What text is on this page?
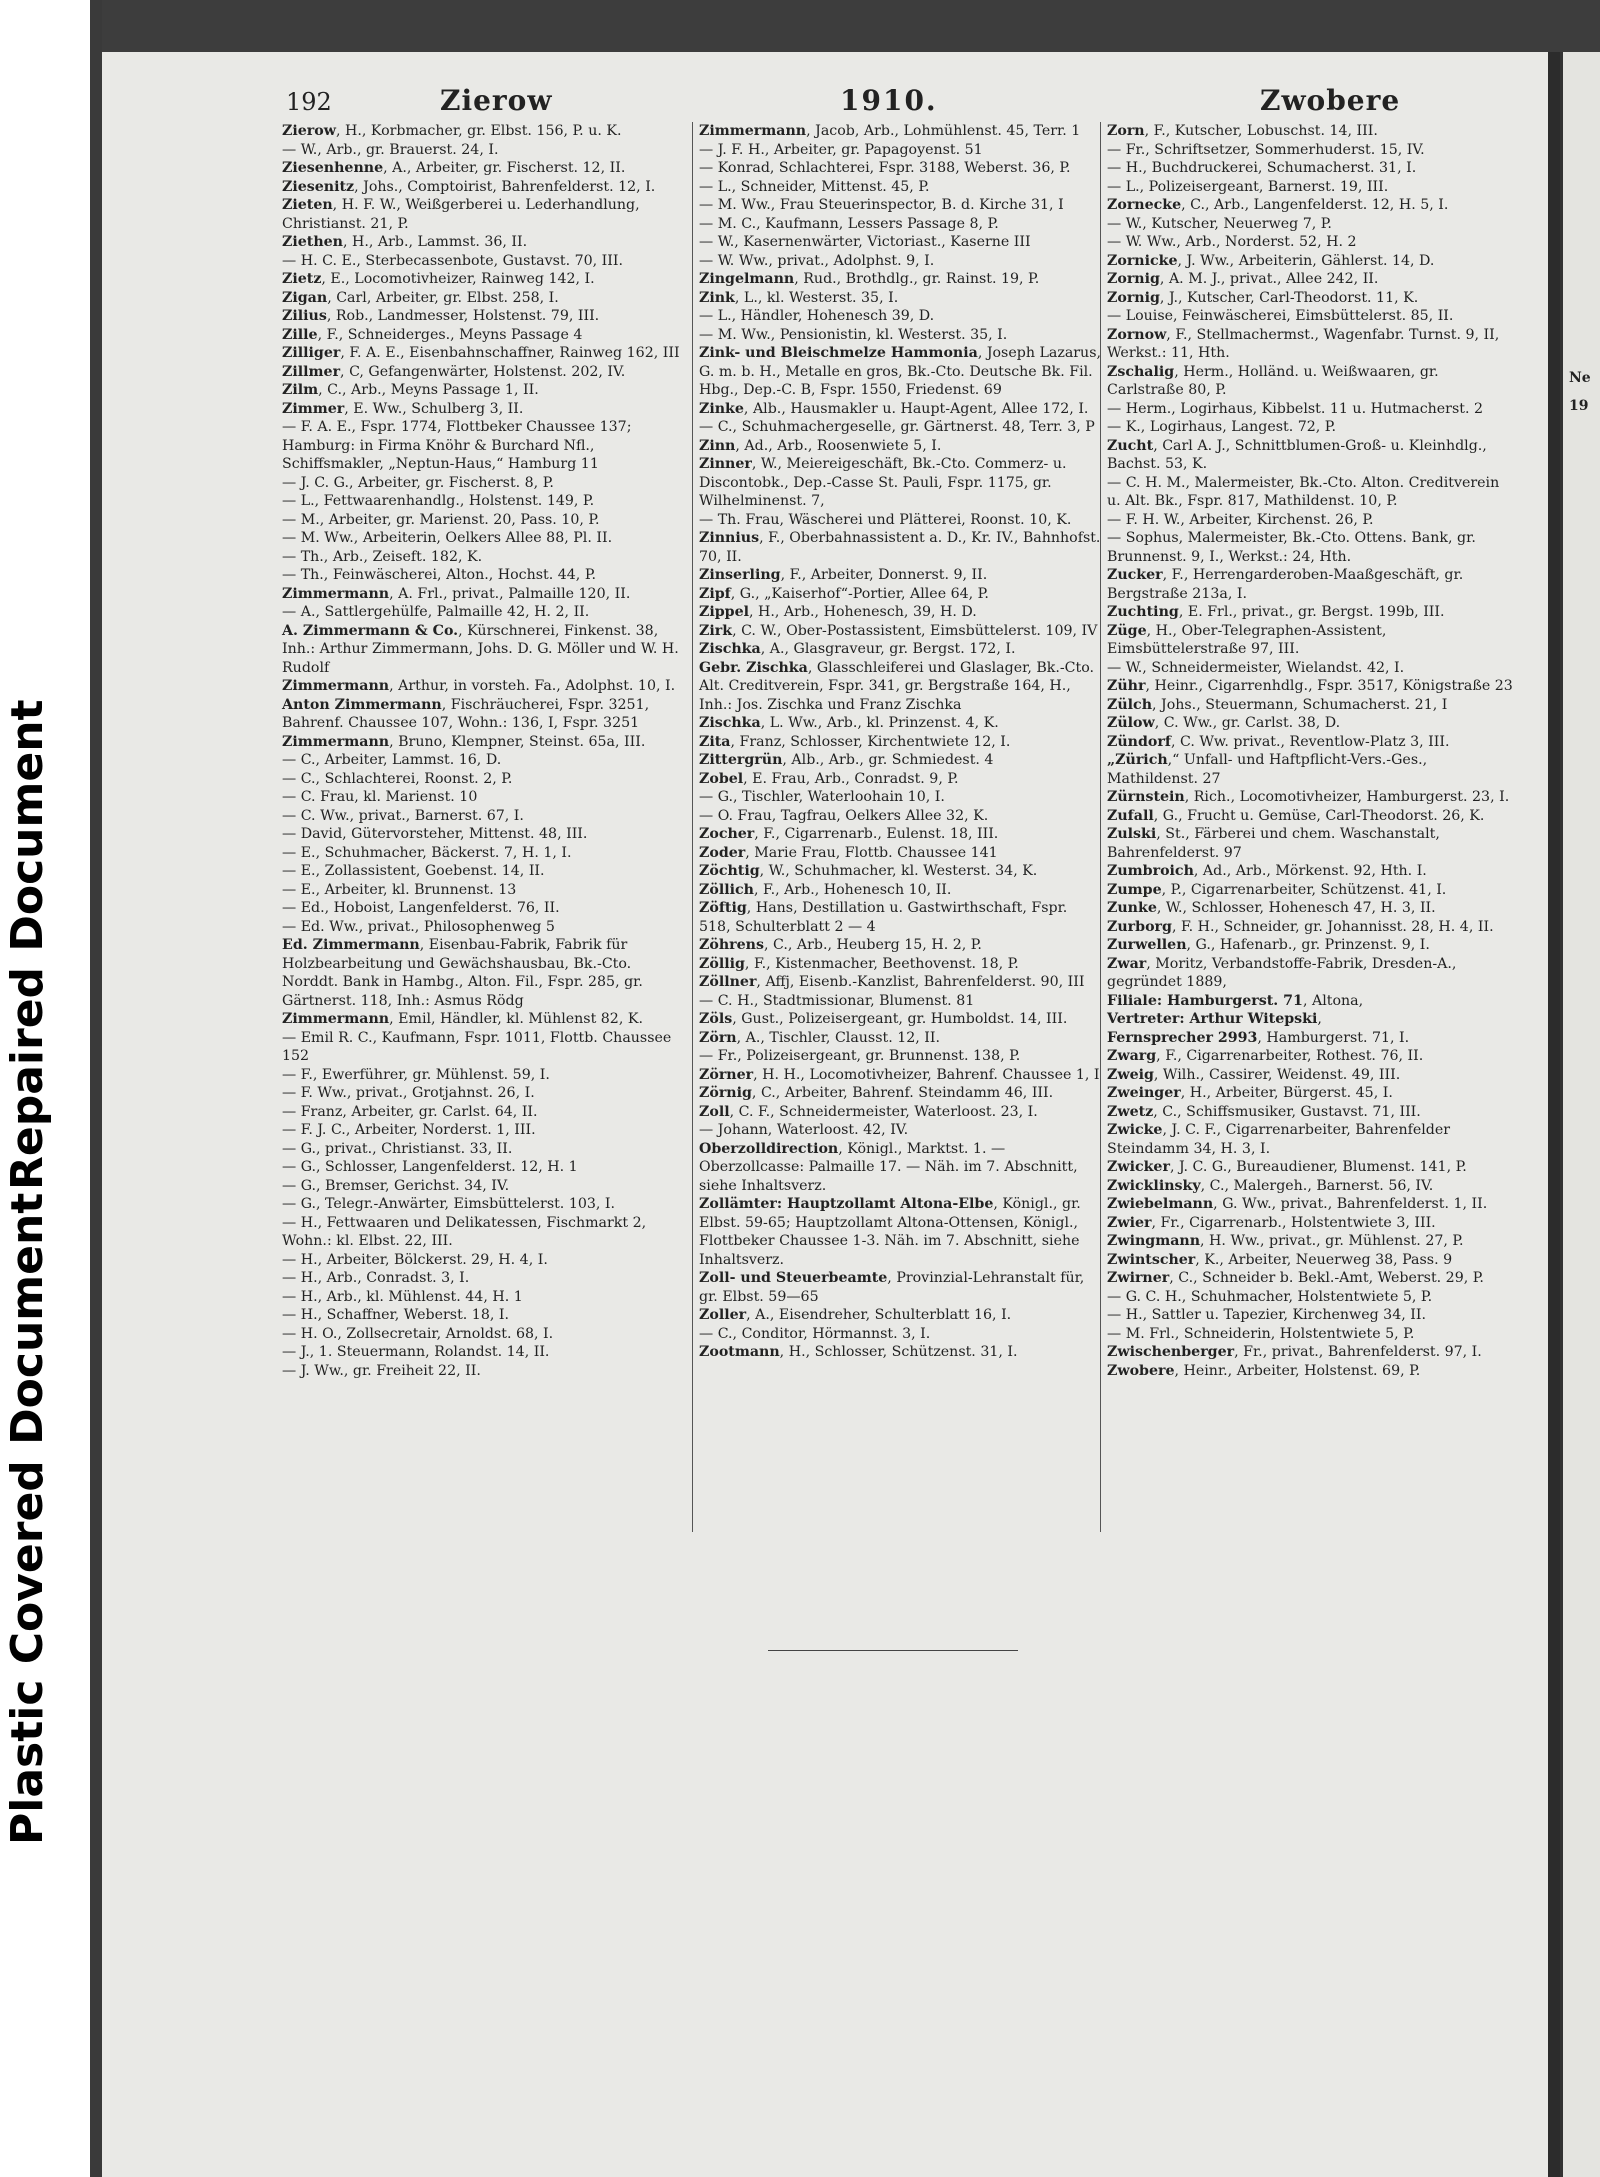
Repaired Document
Plastic Covered Document
Ne
19
192	Zierow	1910.	Zwobere

Zierow, H., Korbmacher, gr. Elbst. 156, P. u. K.

— W., Arb., gr. Brauerst. 24, I.

Ziesenhenne, A., Arbeiter, gr. Fischerst. 12, II.

Ziesenitz, Johs., Comptoirist, Bahrenfelderst. 12, I.

Zieten, H. F. W., Weißgerberei u. Lederhandlung, Christianst. 21, P.

Ziethen, H., Arb., Lammst. 36, II.

— H. C. E., Sterbecassenbote, Gustavst. 70, III.

Zietz, E., Locomotivheizer, Rainweg 142, I.

Zigan, Carl, Arbeiter, gr. Elbst. 258, I.

Zilius, Rob., Landmesser, Holstenst. 79, III.

Zille, F., Schneiderges., Meyns Passage 4

Zilliger, F. A. E., Eisenbahnschaffner, Rainweg 162, III

Zillmer, C, Gefangenwärter, Holstenst. 202, IV.

Zilm, C., Arb., Meyns Passage 1, II.

Zimmer, E. Ww., Schulberg 3, II.

— F. A. E., Fspr. 1774, Flottbeker Chaussee 137; Hamburg: in Firma Knöhr & Burchard Nfl., Schiffsmakler, „Neptun-Haus,“ Hamburg 11

— J. C. G., Arbeiter, gr. Fischerst. 8, P.

— L., Fettwaarenhandlg., Holstenst. 149, P.

— M., Arbeiter, gr. Marienst. 20, Pass. 10, P.

— M. Ww., Arbeiterin, Oelkers Allee 88, Pl. II.

— Th., Arb., Zeiseft. 182, K.

— Th., Feinwäscherei, Alton., Hochst. 44, P.

Zimmermann, A. Frl., privat., Palmaille 120, II.

— A., Sattlergehülfe, Palmaille 42, H. 2, II.

A. Zimmermann & Co., Kürschnerei, Finkenst. 38, Inh.: Arthur Zimmermann, Johs. D. G. Möller und W. H. Rudolf

Zimmermann, Arthur, in vorsteh. Fa., Adolphst. 10, I.

Anton Zimmermann, Fischräucherei, Fspr. 3251, Bahrenf. Chaussee 107, Wohn.: 136, I, Fspr. 3251

Zimmermann, Bruno, Klempner, Steinst. 65a, III.

— C., Arbeiter, Lammst. 16, D.

— C., Schlachterei, Roonst. 2, P.

— C. Frau, kl. Marienst. 10

— C. Ww., privat., Barnerst. 67, I.

— David, Gütervorsteher, Mittenst. 48, III.

— E., Schuhmacher, Bäckerst. 7, H. 1, I.

— E., Zollassistent, Goebenst. 14, II.

— E., Arbeiter, kl. Brunnenst. 13

— Ed., Hoboist, Langenfelderst. 76, II.

— Ed. Ww., privat., Philosophenweg 5

Ed. Zimmermann, Eisenbau-Fabrik, Fabrik für Holzbearbeitung und Gewächshausbau, Bk.-Cto. Norddt. Bank in Hambg., Alton. Fil., Fspr. 285, gr. Gärtnerst. 118, Inh.: Asmus Rödg

Zimmermann, Emil, Händler, kl. Mühlenst 82, K.

— Emil R. C., Kaufmann, Fspr. 1011, Flottb. Chaussee 152

— F., Ewerführer, gr. Mühlenst. 59, I.

— F. Ww., privat., Grotjahnst. 26, I.

— Franz, Arbeiter, gr. Carlst. 64, II.

— F. J. C., Arbeiter, Norderst. 1, III.

— G., privat., Christianst. 33, II.

— G., Schlosser, Langenfelderst. 12, H. 1

— G., Bremser, Gerichst. 34, IV.

— G., Telegr.-Anwärter, Eimsbüttelerst. 103, I.

— H., Fettwaaren und Delikatessen, Fischmarkt 2, Wohn.: kl. Elbst. 22, III.

— H., Arbeiter, Bölckerst. 29, H. 4, I.

— H., Arb., Conradst. 3, I.

— H., Arb., kl. Mühlenst. 44, H. 1

— H., Schaffner, Weberst. 18, I.

— H. O., Zollsecretair, Arnoldst. 68, I.

— J., 1. Steuermann, Rolandst. 14, II.

— J. Ww., gr. Freiheit 22, II.

Zimmermann, Jacob, Arb., Lohmühlenst. 45, Terr. 1

— J. F. H., Arbeiter, gr. Papagoyenst. 51

— Konrad, Schlachterei, Fspr. 3188, Weberst. 36, P.

— L., Schneider, Mittenst. 45, P.

— M. Ww., Frau Steuerinspector, B. d. Kirche 31, I

— M. C., Kaufmann, Lessers Passage 8, P.

— W., Kasernenwärter, Victoriast., Kaserne III

— W. Ww., privat., Adolphst. 9, I.

Zingelmann, Rud., Brothdlg., gr. Rainst. 19, P.

Zink, L., kl. Westerst. 35, I.

— L., Händler, Hohenesch 39, D.

— M. Ww., Pensionistin, kl. Westerst. 35, I.

Zink- und Bleischmelze Hammonia, Joseph Lazarus, G. m. b. H., Metalle en gros, Bk.-Cto. Deutsche Bk. Fil. Hbg., Dep.-C. B, Fspr. 1550, Friedenst. 69

Zinke, Alb., Hausmakler u. Haupt-Agent, Allee 172, I.

— C., Schuhmachergeselle, gr. Gärtnerst. 48, Terr. 3, P

Zinn, Ad., Arb., Roosenwiete 5, I.

Zinner, W., Meiereigeschäft, Bk.-Cto. Commerz- u. Discontobk., Dep.-Casse St. Pauli, Fspr. 1175, gr. Wilhelminenst. 7,

— Th. Frau, Wäscherei und Plätterei, Roonst. 10, K.

Zinnius, F., Oberbahnassistent a. D., Kr. IV., Bahnhofst. 70, II.

Zinserling, F., Arbeiter, Donnerst. 9, II.

Zipf, G., „Kaiserhof“-Portier, Allee 64, P.

Zippel, H., Arb., Hohenesch, 39, H. D.

Zirk, C. W., Ober-Postassistent, Eimsbüttelerst. 109, IV

Zischka, A., Glasgraveur, gr. Bergst. 172, I.

Gebr. Zischka, Glasschleiferei und Glaslager, Bk.-Cto. Alt. Creditverein, Fspr. 341, gr. Bergstraße 164, H., Inh.: Jos. Zischka und Franz Zischka

Zischka, L. Ww., Arb., kl. Prinzenst. 4, K.

Zita, Franz, Schlosser, Kirchentwiete 12, I.

Zittergrün, Alb., Arb., gr. Schmiedest. 4

Zobel, E. Frau, Arb., Conradst. 9, P.

— G., Tischler, Waterloohain 10, I.

— O. Frau, Tagfrau, Oelkers Allee 32, K.

Zocher, F., Cigarrenarb., Eulenst. 18, III.

Zoder, Marie Frau, Flottb. Chaussee 141

Zöchtig, W., Schuhmacher, kl. Westerst. 34, K.

Zöllich, F., Arb., Hohenesch 10, II.

Zöftig, Hans, Destillation u. Gastwirthschaft, Fspr. 518, Schulterblatt 2 — 4

Zöhrens, C., Arb., Heuberg 15, H. 2, P.

Zöllig, F., Kistenmacher, Beethovenst. 18, P.

Zöllner, Affj, Eisenb.-Kanzlist, Bahrenfelderst. 90, III

— C. H., Stadtmissionar, Blumenst. 81

Zöls, Gust., Polizeisergeant, gr. Humboldst. 14, III.

Zörn, A., Tischler, Clausst. 12, II.

— Fr., Polizeisergeant, gr. Brunnenst. 138, P.

Zörner, H. H., Locomotivheizer, Bahrenf. Chaussee 1, I

Zörnig, C., Arbeiter, Bahrenf. Steindamm 46, III.

Zoll, C. F., Schneidermeister, Waterloost. 23, I.

— Johann, Waterloost. 42, IV.

Oberzolldirection, Königl., Marktst. 1. — Oberzollcasse: Palmaille 17. — Näh. im 7. Abschnitt, siehe Inhaltsverz.

Zollämter: Hauptzollamt Altona-Elbe, Königl., gr. Elbst. 59-65; Hauptzollamt Altona-Ottensen, Königl., Flottbeker Chaussee 1-3. Näh. im 7. Abschnitt, siehe Inhaltsverz.

Zoll- und Steuerbeamte, Provinzial-Lehranstalt für, gr. Elbst. 59—65

Zoller, A., Eisendreher, Schulterblatt 16, I.

— C., Conditor, Hörmannst. 3, I.

Zootmann, H., Schlosser, Schützenst. 31, I.

Zorn, F., Kutscher, Lobuschst. 14, III.

— Fr., Schriftsetzer, Sommerhuderst. 15, IV.

— H., Buchdruckerei, Schumacherst. 31, I.

— L., Polizeisergeant, Barnerst. 19, III.

Zornecke, C., Arb., Langenfelderst. 12, H. 5, I.

— W., Kutscher, Neuerweg 7, P.

— W. Ww., Arb., Norderst. 52, H. 2

Zornicke, J. Ww., Arbeiterin, Gählerst. 14, D.

Zornig, A. M. J., privat., Allee 242, II.

Zornig, J., Kutscher, Carl-Theodorst. 11, K.

— Louise, Feinwäscherei, Eimsbüttelerst. 85, II.

Zornow, F., Stellmachermst., Wagenfabr. Turnst. 9, II, Werkst.: 11, Hth.

Zschalig, Herm., Holländ. u. Weißwaaren, gr. Carlstraße 80, P.

— Herm., Logirhaus, Kibbelst. 11 u. Hutmacherst. 2

— K., Logirhaus, Langest. 72, P.

Zucht, Carl A. J., Schnittblumen-Groß- u. Kleinhdlg., Bachst. 53, K.

— C. H. M., Malermeister, Bk.-Cto. Alton. Creditverein u. Alt. Bk., Fspr. 817, Mathildenst. 10, P.

— F. H. W., Arbeiter, Kirchenst. 26, P.

— Sophus, Malermeister, Bk.-Cto. Ottens. Bank, gr. Brunnenst. 9, I., Werkst.: 24, Hth.

Zucker, F., Herrengarderoben-Maaßgeschäft, gr. Bergstraße 213a, I.

Zuchting, E. Frl., privat., gr. Bergst. 199b, III.

Züge, H., Ober-Telegraphen-Assistent, Eimsbüttelerstraße 97, III.

— W., Schneidermeister, Wielandst. 42, I.

Zühr, Heinr., Cigarrenhdlg., Fspr. 3517, Königstraße 23

Zülch, Johs., Steuermann, Schumacherst. 21, I

Zülow, C. Ww., gr. Carlst. 38, D.

Zündorf, C. Ww. privat., Reventlow-Platz 3, III.

„Zürich,“ Unfall- und Haftpflicht-Vers.-Ges., Mathildenst. 27

Zürnstein, Rich., Locomotivheizer, Hamburgerst. 23, I.

Zufall, G., Frucht u. Gemüse, Carl-Theodorst. 26, K.

Zulski, St., Färberei und chem. Waschanstalt, Bahrenfelderst. 97

Zumbroich, Ad., Arb., Mörkenst. 92, Hth. I.

Zumpe, P., Cigarrenarbeiter, Schützenst. 41, I.

Zunke, W., Schlosser, Hohenesch 47, H. 3, II.

Zurborg, F. H., Schneider, gr. Johannisst. 28, H. 4, II.

Zurwellen, G., Hafenarb., gr. Prinzenst. 9, I.

Zwar, Moritz, Verbandstoffe-Fabrik, Dresden-A., gegründet 1889,

Filiale: Hamburgerst. 71, Altona,

Vertreter: Arthur Witepski,

Fernsprecher 2993, Hamburgerst. 71, I.

Zwarg, F., Cigarrenarbeiter, Rothest. 76, II.

Zweig, Wilh., Cassirer, Weidenst. 49, III.

Zweinger, H., Arbeiter, Bürgerst. 45, I.

Zwetz, C., Schiffsmusiker, Gustavst. 71, III.

Zwicke, J. C. F., Cigarrenarbeiter, Bahrenfelder Steindamm 34, H. 3, I.

Zwicker, J. C. G., Bureaudiener, Blumenst. 141, P.

Zwicklinsky, C., Malergeh., Barnerst. 56, IV.

Zwiebelmann, G. Ww., privat., Bahrenfelderst. 1, II.

Zwier, Fr., Cigarrenarb., Holstentwiete 3, III.

Zwingmann, H. Ww., privat., gr. Mühlenst. 27, P.

Zwintscher, K., Arbeiter, Neuerweg 38, Pass. 9

Zwirner, C., Schneider b. Bekl.-Amt, Weberst. 29, P.

— G. C. H., Schuhmacher, Holstentwiete 5, P.

— H., Sattler u. Tapezier, Kirchenweg 34, II.

— M. Frl., Schneiderin, Holstentwiete 5, P.

Zwischenberger, Fr., privat., Bahrenfelderst. 97, I.

Zwobere, Heinr., Arbeiter, Holstenst. 69, P.
